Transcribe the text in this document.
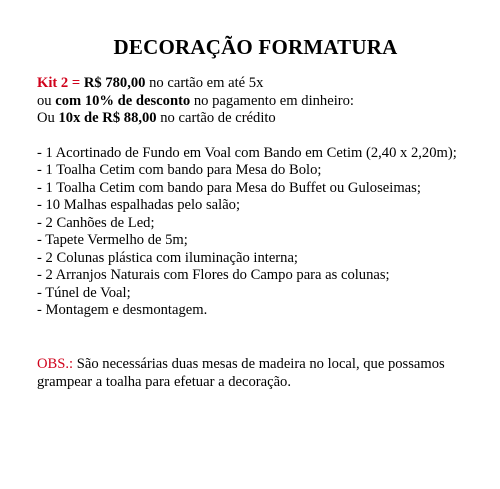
DECORAÇÃO FORMATURA
Kit 2 = R$ 780,00 no cartão em até 5x
ou com 10% de desconto no pagamento em dinheiro:
Ou 10x de R$ 88,00 no cartão de crédito
- 1 Acortinado de Fundo em Voal com Bando em Cetim (2,40 x 2,20m);
- 1 Toalha Cetim com bando para Mesa do Bolo;
- 1 Toalha Cetim com bando para Mesa do Buffet ou Guloseimas;
- 10 Malhas espalhadas pelo salão;
- 2 Canhões de Led;
- Tapete Vermelho de 5m;
- 2 Colunas plástica com iluminação interna;
- 2 Arranjos Naturais com Flores do Campo para as colunas;
- Túnel de Voal;
- Montagem e desmontagem.
OBS.: São necessárias duas mesas de madeira no local, que possamos grampear a toalha para efetuar a decoração.
